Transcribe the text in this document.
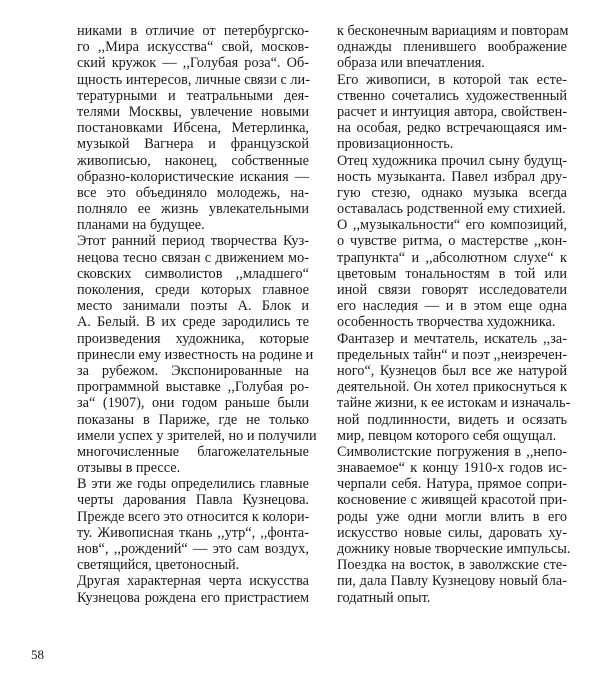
никами в отличие от петербургско-
го ,,Мира искусства“ свой, москов-
ский кружок — ,,Голубая роза“. Об-
щность интересов, личные связи с ли-
тературными и театральными дея-
телями Москвы, увлечение новыми
постановками Ибсена, Метерлинка,
музыкой Вагнера и французской
живописью, наконец, собственные
образно-колористические искания —
все это объединяло молодежь, на-
полняло ее жизнь увлекательными
планами на будущее.
Этот ранний период творчества Куз-
нецова тесно связан с движением мо-
сковских символистов ,,младшего“
поколения, среди которых главное
место занимали поэты А. Блок и
А. Белый. В их среде зародились те
произведения художника, которые
принесли ему известность на родине и
за рубежом. Экспонированные на
программной выставке ,,Голубая ро-
за“ (1907), они годом раньше были
показаны в Париже, где не только
имели успех у зрителей, но и получили
многочисленные благожелательные
отзывы в прессе.
В эти же годы определились главные
черты дарования Павла Кузнецова.
Прежде всего это относится к колори-
ту. Живописная ткань ,,утр“, ,,фонта-
нов“, ,,рождений“ — это сам воздух,
светящийся, цветоносный.
Другая характерная черта искусства
Кузнецова рождена его пристрастием
к бесконечным вариациям и повторам
однажды пленившего воображение
образа или впечатления.
Его живописи, в которой так есте-
ственно сочетались художественный
расчет и интуиция автора, свойствен-
на особая, редко встречающаяся им-
провизационность.
Отец художника прочил сыну будущ-
ность музыканта. Павел избрал дру-
гую стезю, однако музыка всегда
оставалась родственной ему стихией.
О ,,музыкальности“ его композиций,
о чувстве ритма, о мастерстве ,,кон-
трапункта“ и ,,абсолютном слухе“ к
цветовым тональностям в той или
иной связи говорят исследователи
его наследия — и в этом еще одна
особенность творчества художника.
Фантазер и мечтатель, искатель ,,за-
предельных тайн“ и поэт ,,неизречен-
ного“, Кузнецов был все же натурой
деятельной. Он хотел прикоснуться к
тайне жизни, к ее истокам и изначаль-
ной подлинности, видеть и осязать
мир, певцом которого себя ощущал.
Символистские погружения в ,,непо-
знаваемое“ к концу 1910-х годов ис-
черпали себя. Натура, прямое сопри-
косновение с живящей красотой при-
роды уже одни могли влить в его
искусство новые силы, даровать ху-
дожнику новые творческие импульсы.
Поездка на восток, в заволжские сте-
пи, дала Павлу Кузнецову новый бла-
годатный опыт.
58
